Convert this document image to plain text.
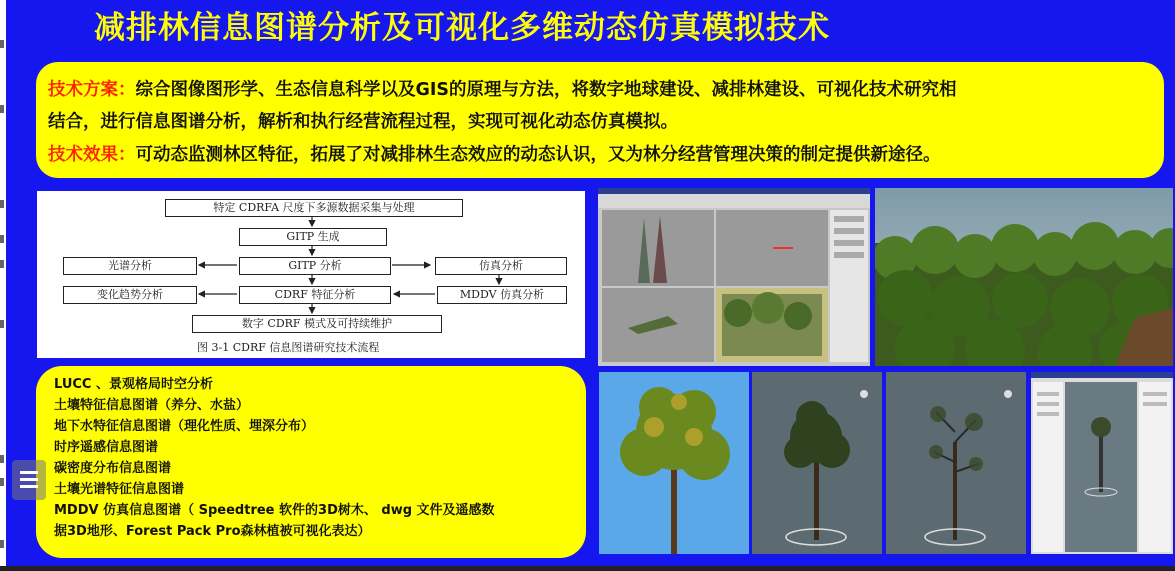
减排林信息图谱分析及可视化多维动态仿真模拟技术
技术方案：综合图像图形学、生态信息科学以及GIS的原理与方法，将数字地球建设、减排林建设、可视化技术研究相
结合，进行信息图谱分析，解析和执行经营流程过程，实现可视化动态仿真模拟。
技术效果：可动态监测林区特征，拓展了对减排林生态效应的动态认识，又为林分经营管理决策的制定提供新途径。
特定 CDRFA 尺度下多源数据采集与处理
GITP 生成
光谱分析	GITP 分析	仿真分析
变化趋势分析	CDRF 特征分析	MDDV 仿真分析
数字 CDRF 模式及可持续维护
图 3-1 CDRF 信息图谱研究技术流程
LUCC 、景观格局时空分析
土壤特征信息图谱（养分、水盐）
地下水特征信息图谱（理化性质、埋深分布）
时序遥感信息图谱
碳密度分布信息图谱
土壤光谱特征信息图谱
MDDV 仿真信息图谱（ Speedtree 软件的3D树木、 dwg 文件及遥感数
据3D地形、Forest Pack Pro森林植被可视化表达）
